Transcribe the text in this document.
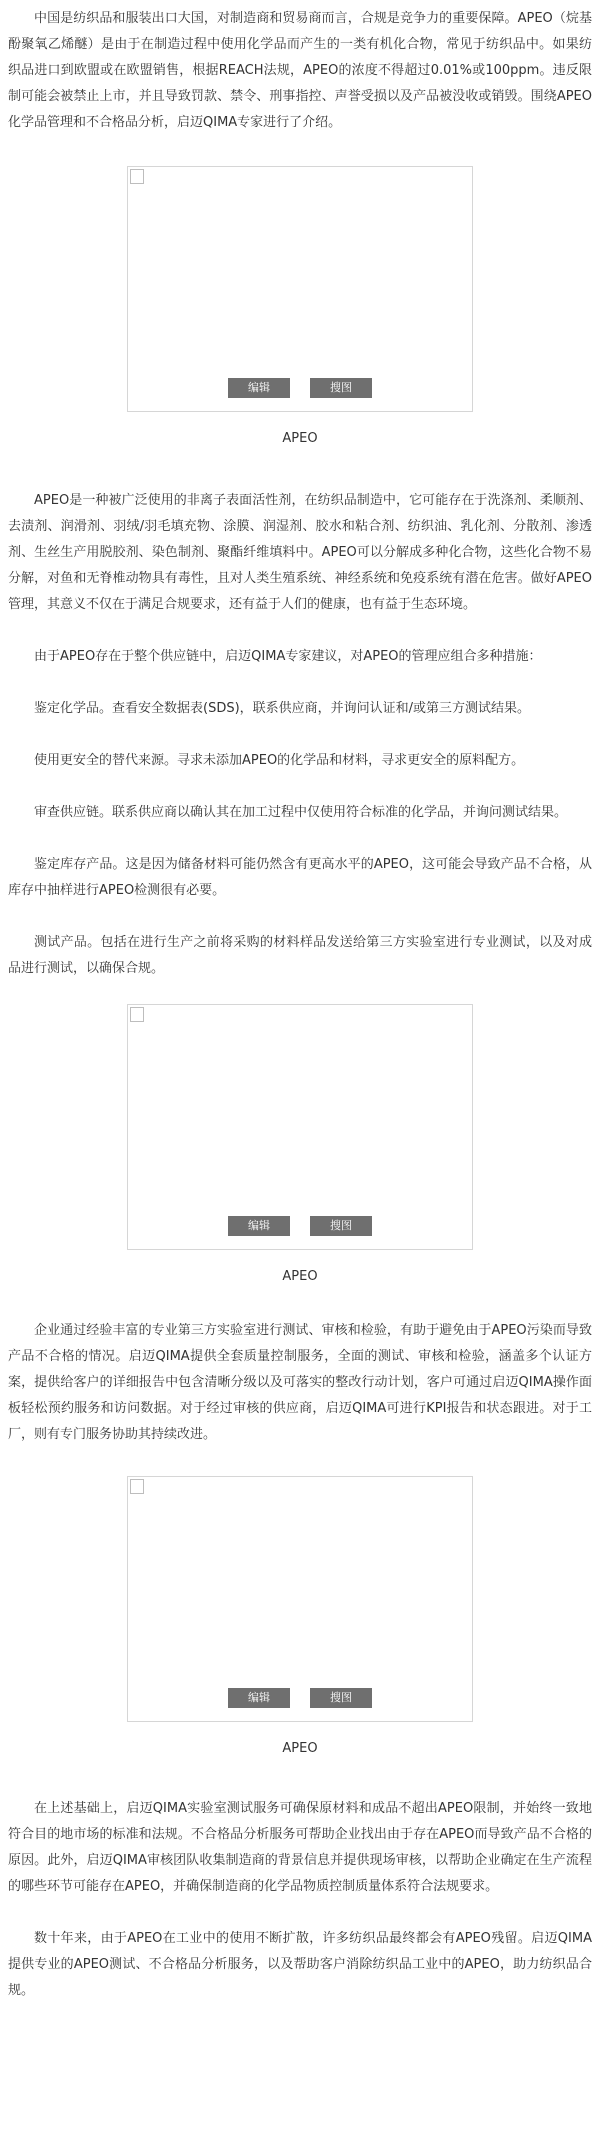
中国是纺织品和服装出口大国，对制造商和贸易商而言，合规是竞争力的重要保障。APEO（烷基酚聚氧乙烯醚）是由于在制造过程中使用化学品而产生的一类有机化合物，常见于纺织品中。如果纺织品进口到欧盟或在欧盟销售，根据REACH法规，APEO的浓度不得超过0.01%或100ppm。违反限制可能会被禁止上市，并且导致罚款、禁令、刑事指控、声誉受损以及产品被没收或销毁。围绕APEO化学品管理和不合格品分析，启迈QIMA专家进行了介绍。

编辑	搜图
APEO

APEO是一种被广泛使用的非离子表面活性剂，在纺织品制造中，它可能存在于洗涤剂、柔顺剂、去渍剂、润滑剂、羽绒/羽毛填充物、涂膜、润湿剂、胶水和粘合剂、纺织油、乳化剂、分散剂、渗透剂、生丝生产用脱胶剂、染色制剂、聚酯纤维填料中。APEO可以分解成多种化合物，这些化合物不易分解，对鱼和无脊椎动物具有毒性，且对人类生殖系统、神经系统和免疫系统有潜在危害。做好APEO管理，其意义不仅在于满足合规要求，还有益于人们的健康，也有益于生态环境。

由于APEO存在于整个供应链中，启迈QIMA专家建议，对APEO的管理应组合多种措施：

鉴定化学品。查看安全数据表(SDS)，联系供应商，并询问认证和/或第三方测试结果。

使用更安全的替代来源。寻求未添加APEO的化学品和材料，寻求更安全的原料配方。

审查供应链。联系供应商以确认其在加工过程中仅使用符合标准的化学品，并询问测试结果。

鉴定库存产品。这是因为储备材料可能仍然含有更高水平的APEO，这可能会导致产品不合格，从库存中抽样进行APEO检测很有必要。

测试产品。包括在进行生产之前将采购的材料样品发送给第三方实验室进行专业测试，以及对成品进行测试，以确保合规。

编辑	搜图
APEO

企业通过经验丰富的专业第三方实验室进行测试、审核和检验，有助于避免由于APEO污染而导致产品不合格的情况。启迈QIMA提供全套质量控制服务，全面的测试、审核和检验，涵盖多个认证方案，提供给客户的详细报告中包含清晰分级以及可落实的整改行动计划，客户可通过启迈QIMA操作面板轻松预约服务和访问数据。对于经过审核的供应商，启迈QIMA可进行KPI报告和状态跟进。对于工厂，则有专门服务协助其持续改进。

编辑	搜图
APEO

在上述基础上，启迈QIMA实验室测试服务可确保原材料和成品不超出APEO限制，并始终一致地符合目的地市场的标准和法规。不合格品分析服务可帮助企业找出由于存在APEO而导致产品不合格的原因。此外，启迈QIMA审核团队收集制造商的背景信息并提供现场审核，以帮助企业确定在生产流程的哪些环节可能存在APEO，并确保制造商的化学品物质控制质量体系符合法规要求。

数十年来，由于APEO在工业中的使用不断扩散，许多纺织品最终都会有APEO残留。启迈QIMA提供专业的APEO测试、不合格品分析服务，以及帮助客户消除纺织品工业中的APEO，助力纺织品合规。
